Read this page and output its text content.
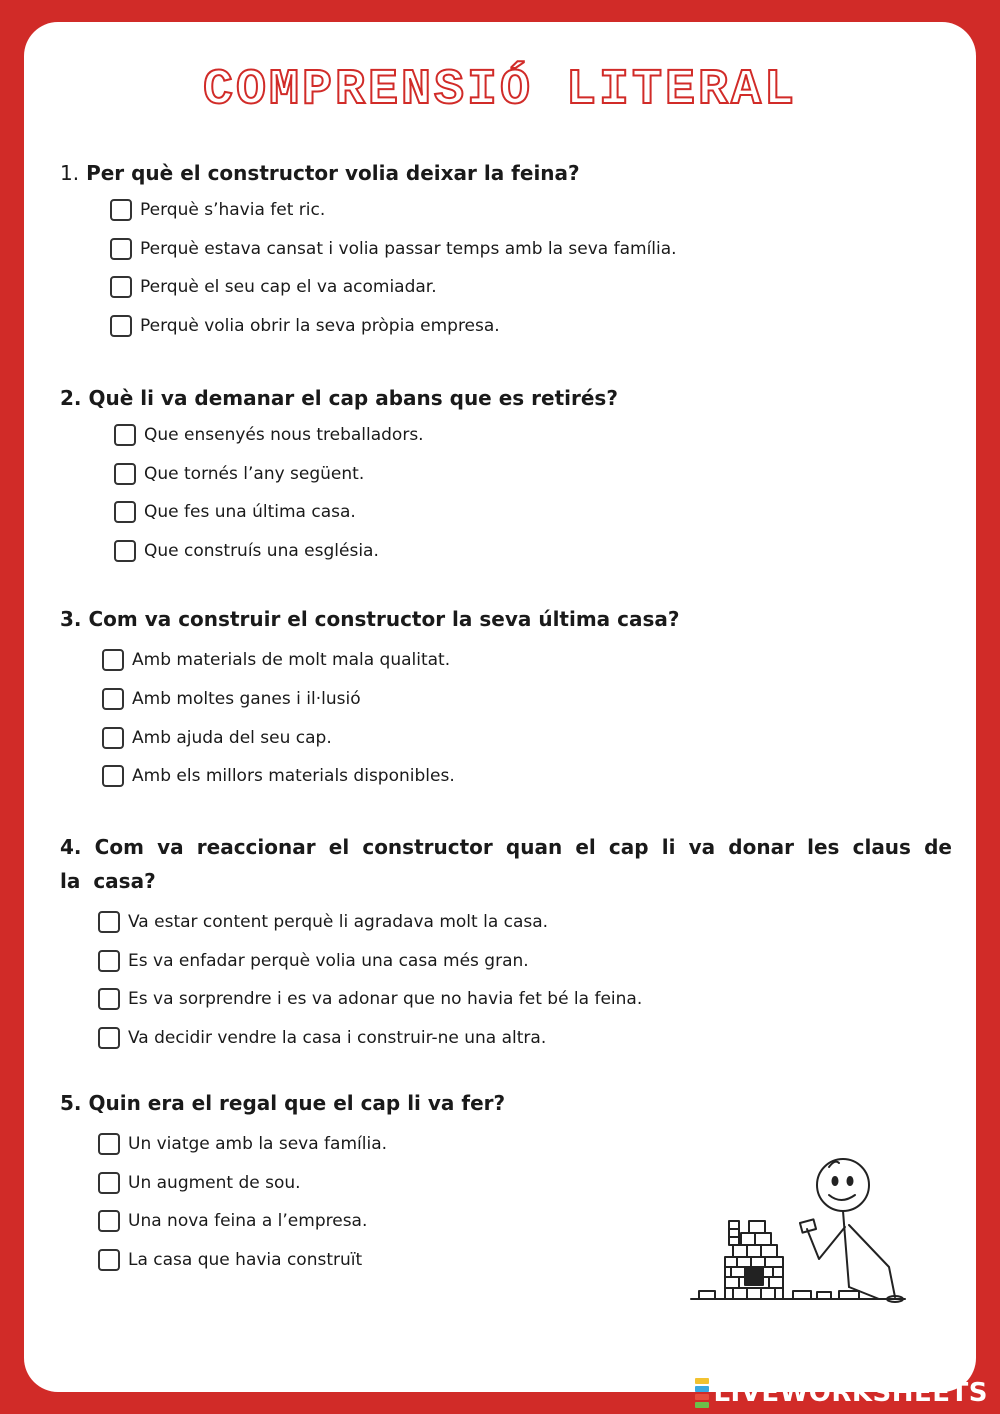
COMPRENSIÓ LITERAL
1. Per què el constructor volia deixar la feina?
Perquè s’havia fet ric.
Perquè estava cansat i volia passar temps amb la seva família.
Perquè el seu cap el va acomiadar.
Perquè volia obrir la seva pròpia empresa.
2. Què li va demanar el cap abans que es retirés?
Que ensenyés nous treballadors.
Que tornés l’any següent.
Que fes una última casa.
Que construís una església.
3. Com va construir el constructor la seva última casa?
Amb materials de molt mala qualitat.
Amb moltes ganes i il·lusió
Amb ajuda del seu cap.
Amb els millors materials disponibles.
4. Com va reaccionar el constructor quan el cap li va donar les claus de la casa?
Va estar content perquè li agradava molt la casa.
Es va enfadar perquè volia una casa més gran.
Es va sorprendre i es va adonar que no havia fet bé la feina.
Va decidir vendre la casa i construir-ne una altra.
5. Quin era el regal que el cap li va fer?
Un viatge amb la seva família.
Un augment de sou.
Una nova feina a l’empresa.
La casa que havia construït
LIVEWORKSHEETS
